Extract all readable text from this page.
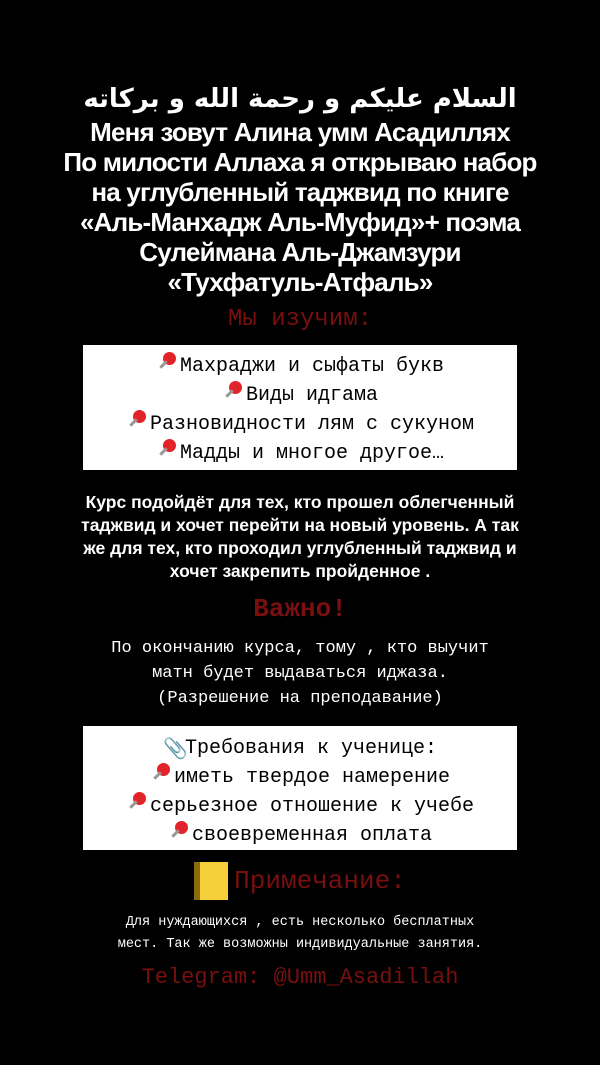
السلام عليكم و رحمة الله و بركاته
Меня зовут Алина умм Асадиллях
По милости Аллаха я открываю набор
на углубленный таджвид по книге
«Аль-Манхадж Аль-Муфид»+ поэма
Сулеймана Аль-Джамзури
«Тухфатуль-Атфаль»
Мы изучим:
Махраджи и сыфаты букв
Виды идгама
Разновидности лям с сукуном
Мадды и многое другое…
Курс подойдёт для тех, кто прошел облегченный
таджвид и хочет перейти на новый уровень. А так
же для тех, кто проходил углубленный таджвид и
хочет закрепить пройденное .
Важно!
По окончанию курса, тому , кто выучит
матн будет выдаваться иджаза.
(Разрешение на преподавание)
📎Требования к ученице:
иметь твердое намерение
серьезное отношение к учебе
своевременная оплата
Примечание:
Для нуждающихся , есть несколько бесплатных
мест. Так же возможны индивидуальные занятия.
Telegram: @Umm_Asadillah
